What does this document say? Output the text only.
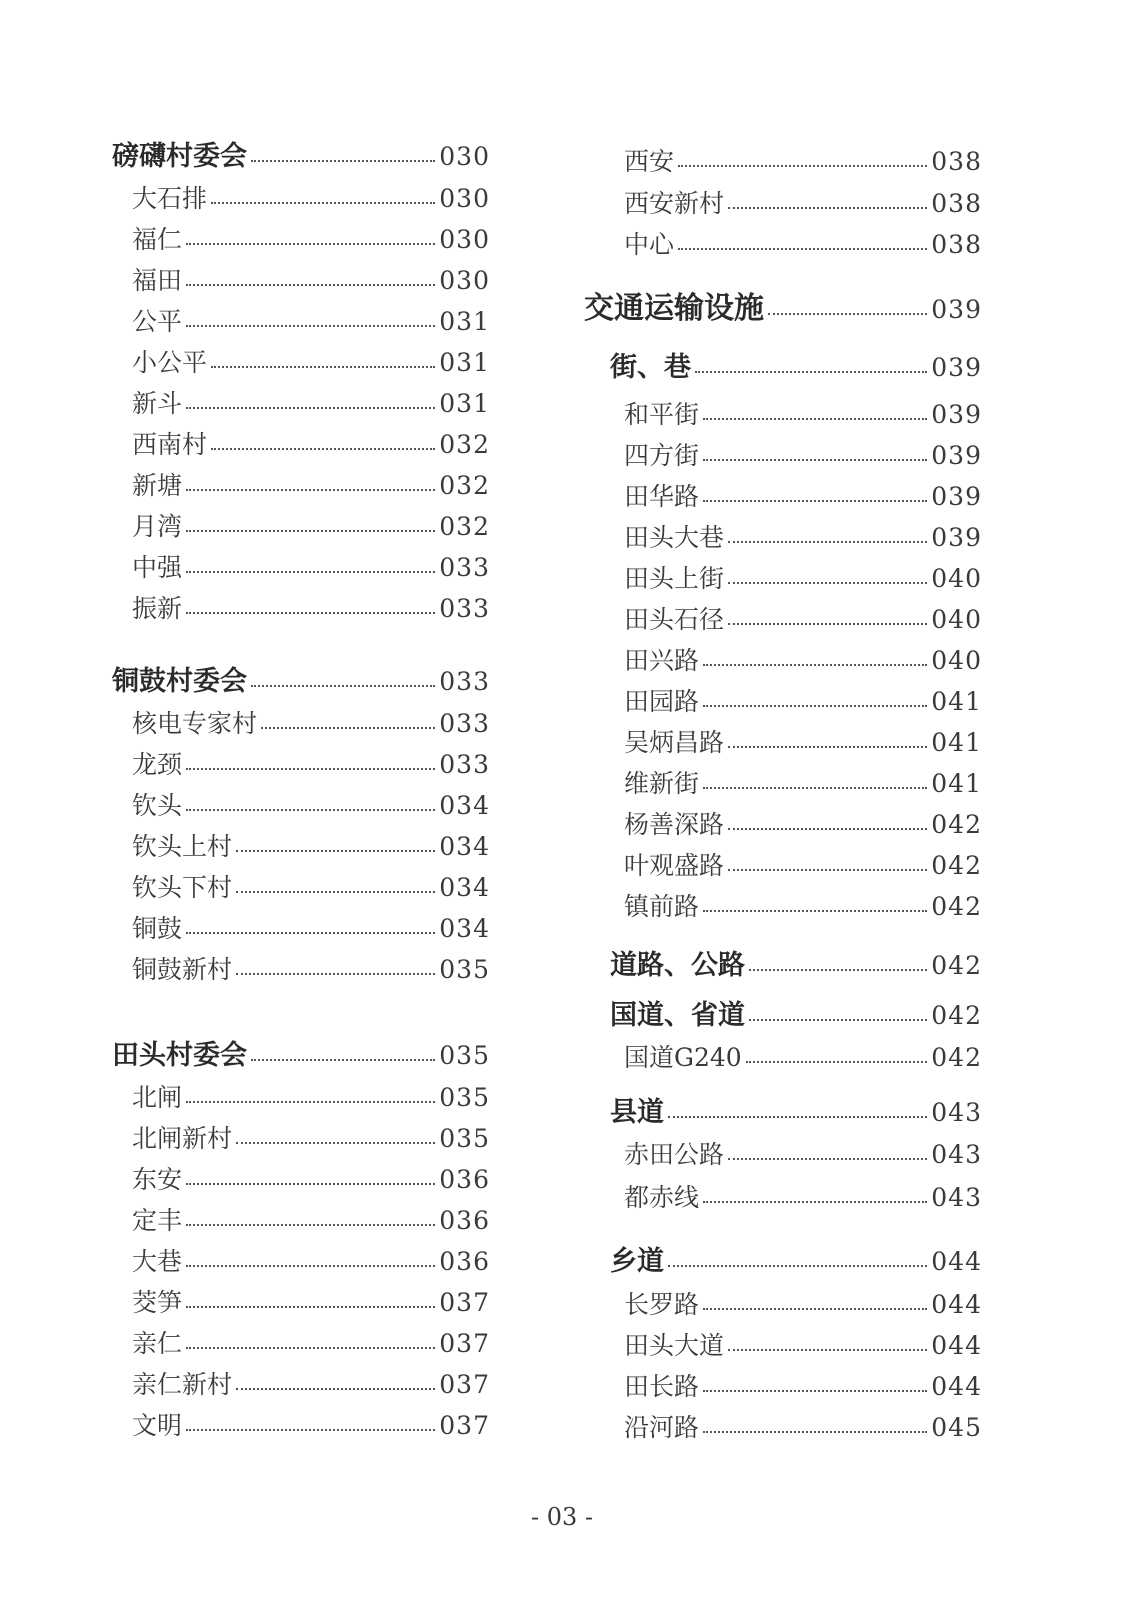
磅礴村委会	030
大石排	030
福仁	030
福田	030
公平	031
小公平	031
新斗	031
西南村	032
新塘	032
月湾	032
中强	033
振新	033
铜鼓村委会	033
核电专家村	033
龙颈	033
钦头	034
钦头上村	034
钦头下村	034
铜鼓	034
铜鼓新村	035
田头村委会	035
北闸	035
北闸新村	035
东安	036
定丰	036
大巷	036
茭笋	037
亲仁	037
亲仁新村	037
文明	037
西安	038
西安新村	038
中心	038
交通运输设施	039
街、巷	039
和平街	039
四方街	039
田华路	039
田头大巷	039
田头上街	040
田头石径	040
田兴路	040
田园路	041
吴炳昌路	041
维新街	041
杨善深路	042
叶观盛路	042
镇前路	042
道路、公路	042
国道、省道	042
国道G240	042
县道	043
赤田公路	043
都赤线	043
乡道	044
长罗路	044
田头大道	044
田长路	044
沿河路	045
- 03 -
